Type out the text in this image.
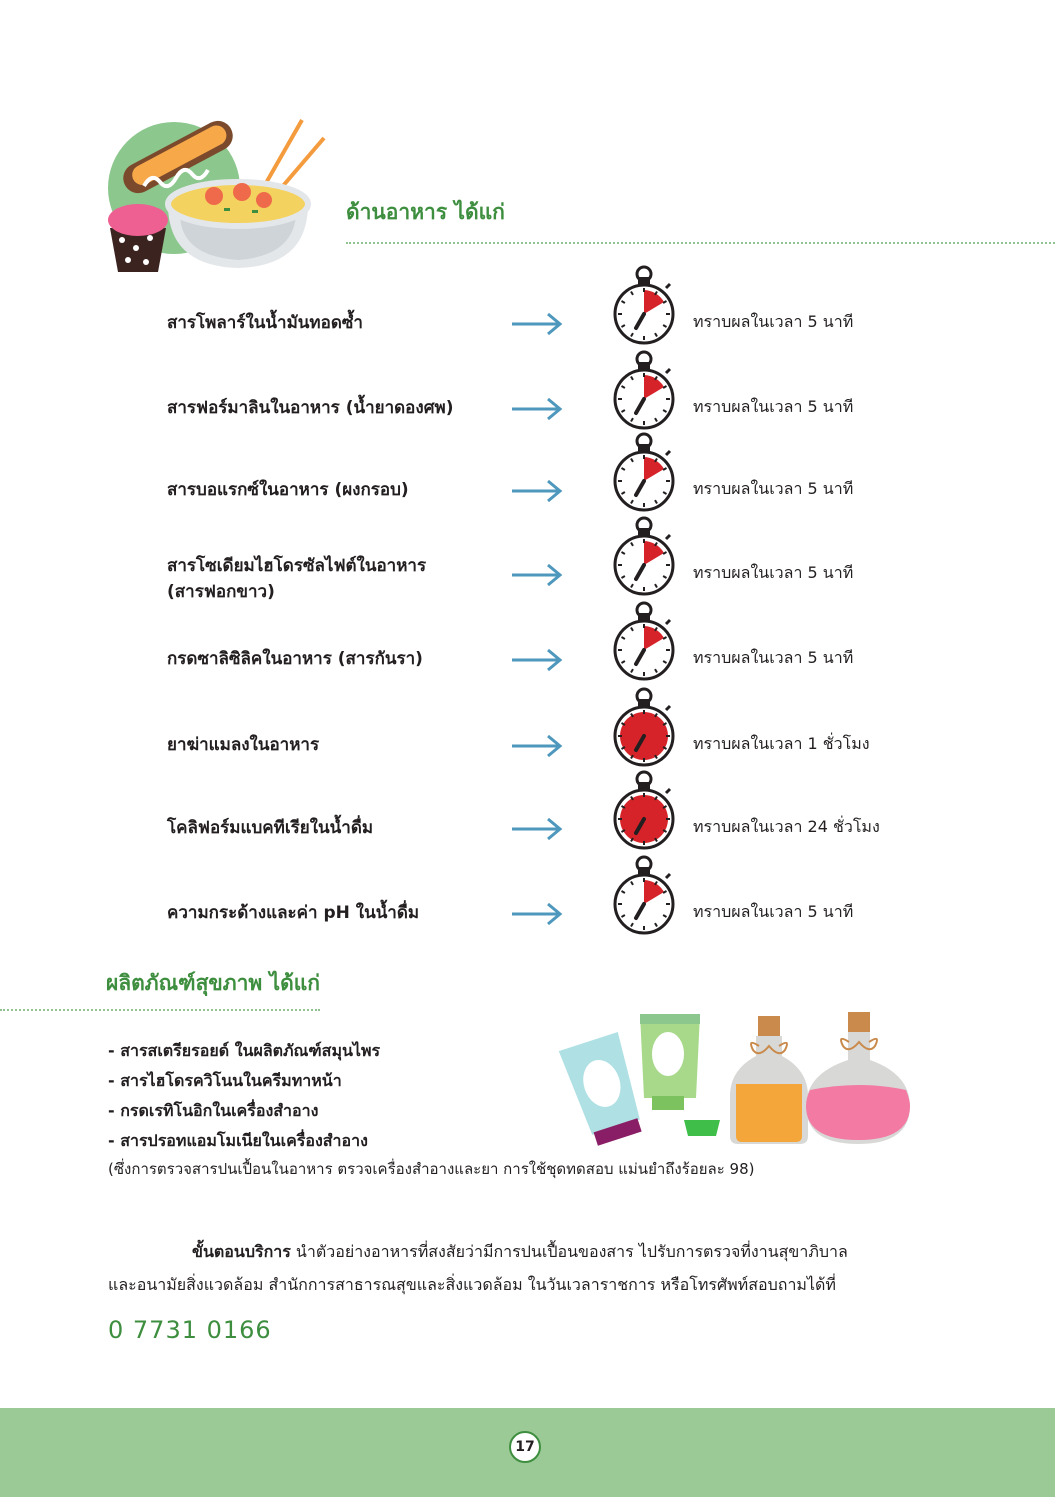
ด้านอาหาร ได้แก่
สารโพลาร์ในน้ำมันทอดซ้ำ	ทราบผลในเวลา 5 นาที
สารฟอร์มาลินในอาหาร (น้ำยาดองศพ)	ทราบผลในเวลา 5 นาที
สารบอแรกซ์ในอาหาร (ผงกรอบ)	ทราบผลในเวลา 5 นาที
สารโซเดียมไฮโดรซัลไฟต์ในอาหาร
(สารฟอกขาว)
ทราบผลในเวลา 5 นาที
กรดซาลิซิลิคในอาหาร (สารกันรา)	ทราบผลในเวลา 5 นาที
ยาฆ่าแมลงในอาหาร	ทราบผลในเวลา 1 ชั่วโมง
โคลิฟอร์มแบคทีเรียในน้ำดื่ม	ทราบผลในเวลา 24 ชั่วโมง
ความกระด้างและค่า pH ในน้ำดื่ม	ทราบผลในเวลา 5 นาที
ผลิตภัณฑ์สุขภาพ ได้แก่
- สารสเตรียรอยด์ ในผลิตภัณฑ์สมุนไพร
- สารไฮโดรควิโนนในครีมทาหน้า
- กรดเรทิโนอิกในเครื่องสำอาง
- สารปรอทแอมโมเนียในเครื่องสำอาง
(ซึ่งการตรวจสารปนเปื้อนในอาหาร ตรวจเครื่องสำอางและยา การใช้ชุดทดสอบ แม่นยำถึงร้อยละ 98)
ขั้นตอนบริการ นำตัวอย่างอาหารที่สงสัยว่ามีการปนเปื้อนของสาร ไปรับการตรวจที่งานสุขาภิบาล
และอนามัยสิ่งแวดล้อม สำนักการสาธารณสุขและสิ่งแวดล้อม ในวันเวลาราชการ หรือโทรศัพท์สอบถามได้ที่
0 7731 0166
17
